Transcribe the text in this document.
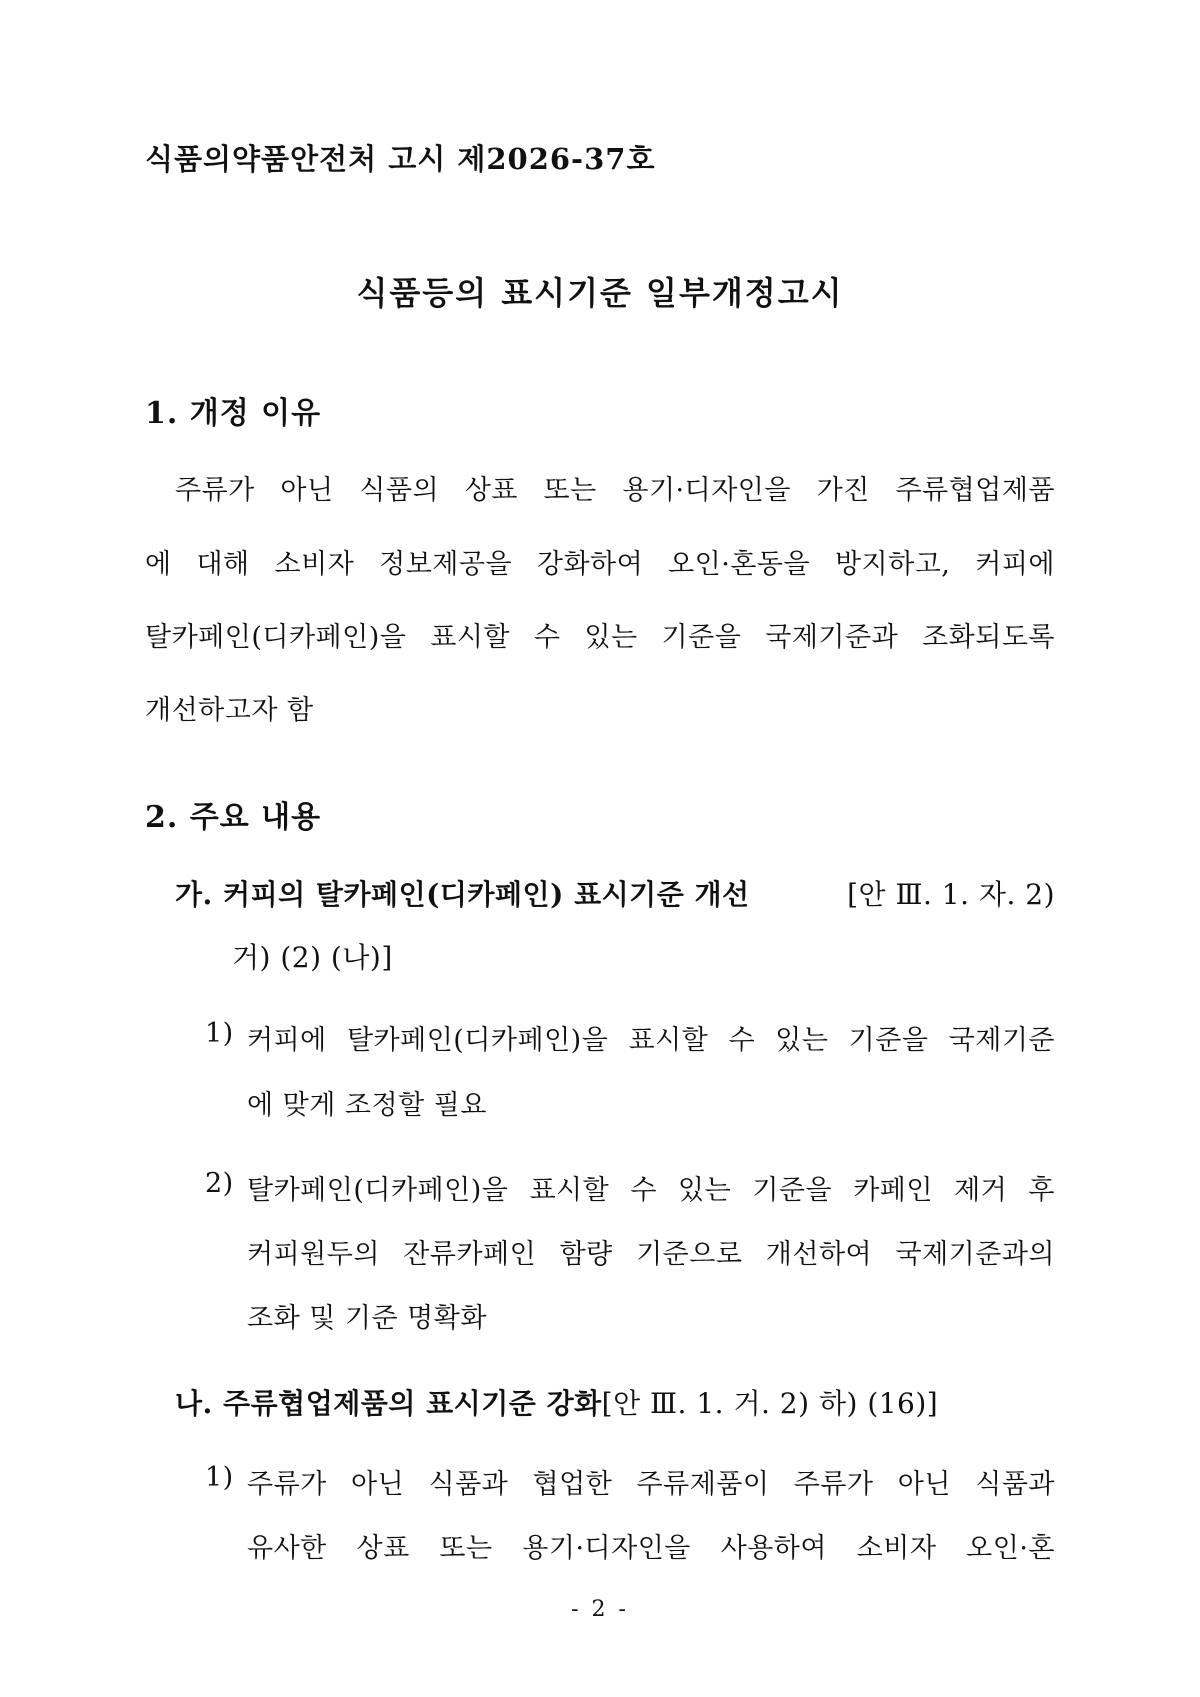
식품의약품안전처 고시 제2026-37호
식품등의 표시기준 일부개정고시
1. 개정 이유
주류가 아닌 식품의 상표 또는 용기·디자인을 가진 주류협업제품
에 대해 소비자 정보제공을 강화하여 오인·혼동을 방지하고, 커피에
탈카페인(디카페인)을 표시할 수 있는 기준을 국제기준과 조화되도록
개선하고자 함
2. 주요 내용
가. 커피의 탈카페인(디카페인) 표시기준 개선	[안 Ⅲ. 1. 자. 2)
거) (2) (나)]
1) 커피에 탈카페인(디카페인)을 표시할 수 있는 기준을 국제기준
에 맞게 조정할 필요
2) 탈카페인(디카페인)을 표시할 수 있는 기준을 카페인 제거 후
커피원두의 잔류카페인 함량 기준으로 개선하여 국제기준과의
조화 및 기준 명확화
나. 주류협업제품의 표시기준 강화[안 Ⅲ. 1. 거. 2) 하) (16)]
1) 주류가 아닌 식품과 협업한 주류제품이 주류가 아닌 식품과
유사한 상표 또는 용기·디자인을 사용하여 소비자 오인·혼
- 2 -
